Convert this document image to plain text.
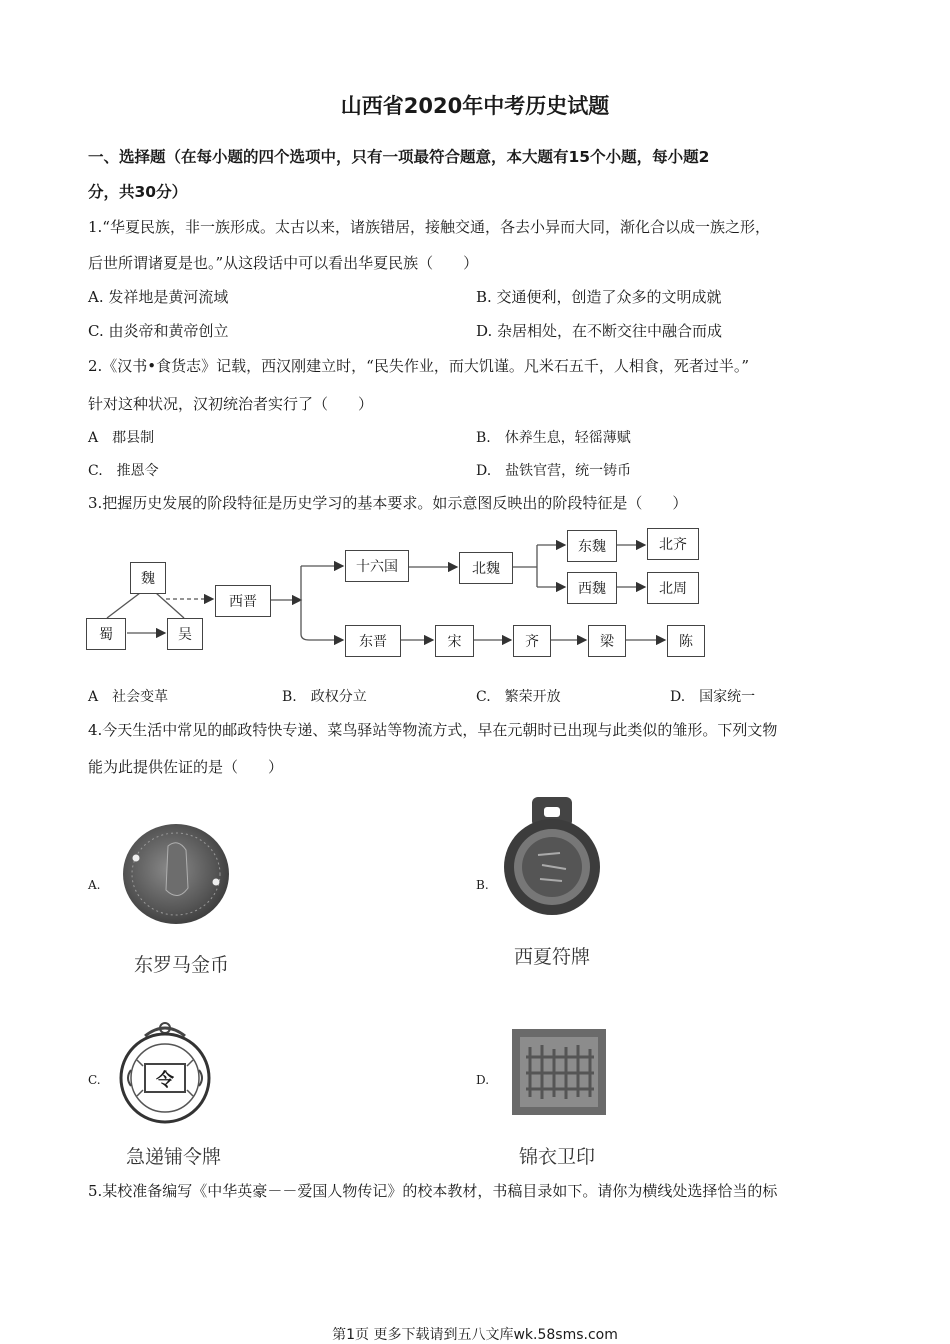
山西省2020年中考历史试题
一、选择题（在每小题的四个选项中，只有一项最符合题意，本大题有15个小题，每小题2
分，共30分）
1.“华夏民族，非一族形成。太古以来，诸族错居，接触交通，各去小异而大同，渐化合以成一族之形，
后世所谓诸夏是也。”从这段话中可以看出华夏民族（　　）
A. 发祥地是黄河流域	B. 交通便利，创造了众多的文明成就
C. 由炎帝和黄帝创立	D. 杂居相处，在不断交往中融合而成
2.《汉书•食货志》记载，西汉刚建立时，“民失作业，而大饥谨。凡米石五千，人相食，死者过半。”
针对这种状况，汉初统治者实行了（　　）
A　郡县制	B.　休养生息，轻徭薄赋
C.　推恩令	D.　盐铁官营，统一铸币
3.把握历史发展的阶段特征是历史学习的基本要求。如示意图反映出的阶段特征是（　　）
魏
蜀	吴
西晋
十六国	北魏
东魏
西魏
北齐
北周
东晋	宋	齐	梁	陈
A　社会变革	B.　政权分立	C.　繁荣开放	D.　国家统一
4.今天生活中常见的邮政特快专递、菜鸟驿站等物流方式，早在元朝时已出现与此类似的雏形。下列文物
能为此提供佐证的是（　　）
A.
东罗马金币
B.
西夏符牌
C.	令
急递铺令牌
D.
锦衣卫印
5.某校准备编写《中华英豪－－爱国人物传记》的校本教材，书稿目录如下。请你为横线处选择恰当的标
第1页 更多下载请到五八文库wk.58sms.com
